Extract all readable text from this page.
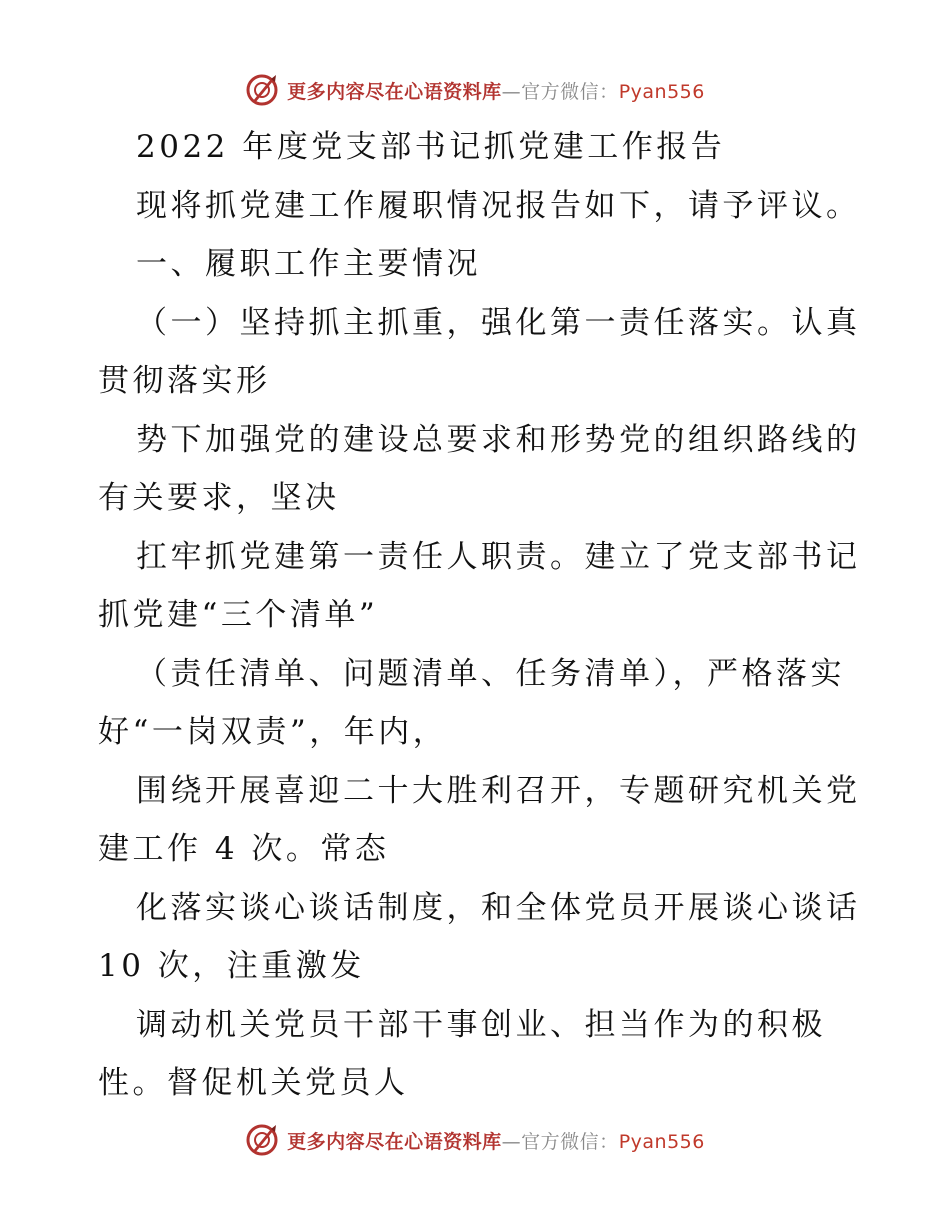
更多内容尽在心语资料库—官方微信：Pyan556

2022 年度党支部书记抓党建工作报告

现将抓党建工作履职情况报告如下，请予评议。

一、履职工作主要情况

（一）坚持抓主抓重，强化第一责任落实。认真

贯彻落实形

势下加强党的建设总要求和形势党的组织路线的

有关要求，坚决

扛牢抓党建第一责任人职责。建立了党支部书记

抓党建“三个清单”

（责任清单、问题清单、任务清单），严格落实

好“一岗双责”，年内，

围绕开展喜迎二十大胜利召开，专题研究机关党

建工作 4 次。常态

化落实谈心谈话制度，和全体党员开展谈心谈话

10 次，注重激发

调动机关党员干部干事创业、担当作为的积极

性。督促机关党员人

更多内容尽在心语资料库—官方微信：Pyan556
